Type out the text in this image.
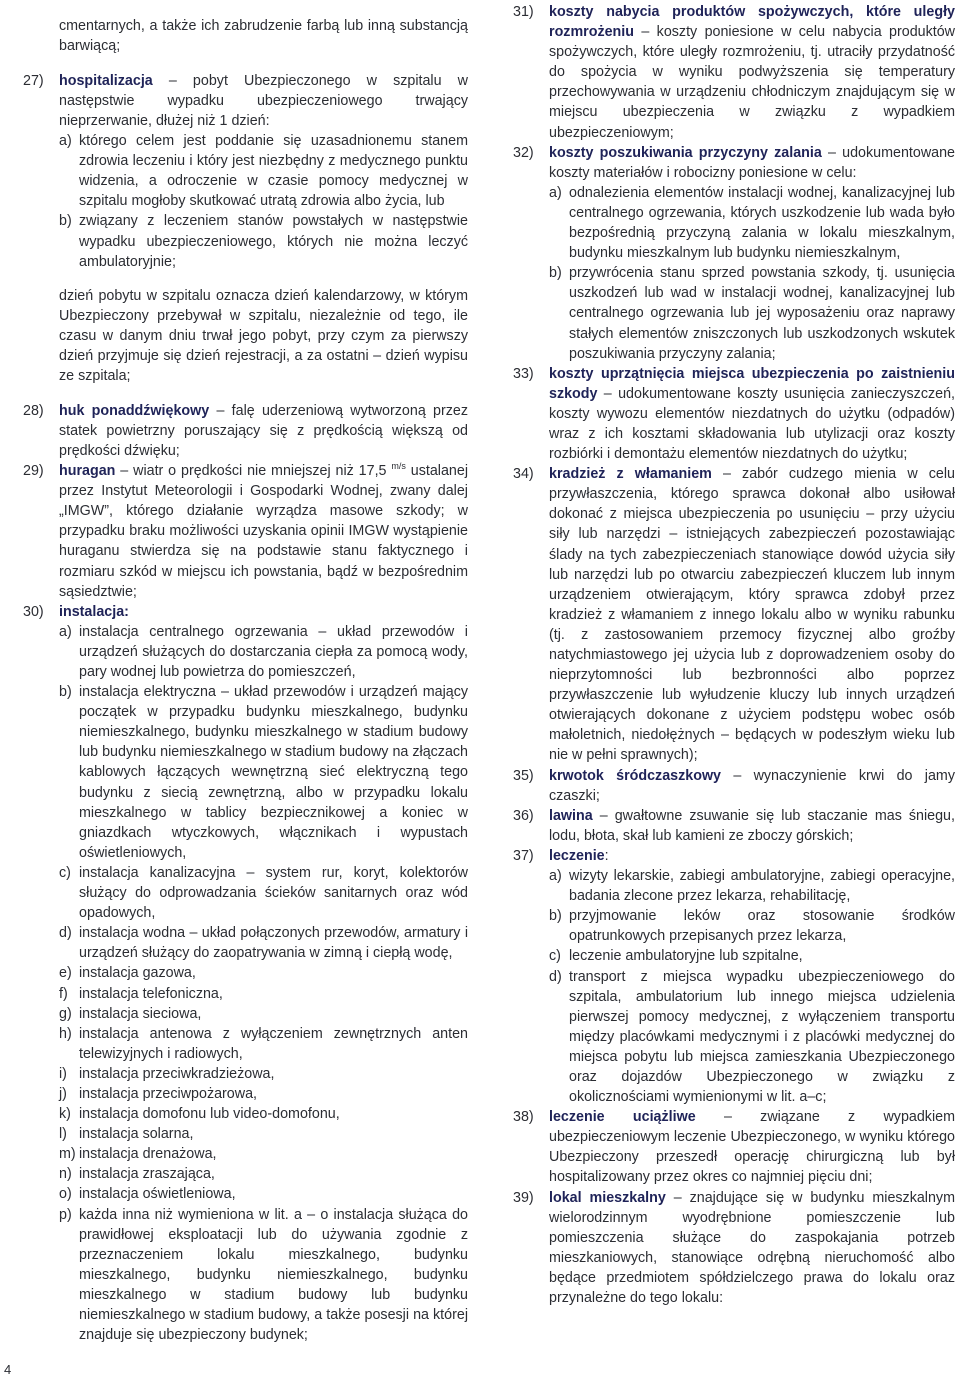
cmentarnych, a także ich zabrudzenie farbą lub inną substancją barwiącą;

27) hospitalizacja – pobyt Ubezpieczonego w szpitalu w następstwie wypadku ubezpieczeniowego trwający nieprzerwanie, dłużej niż 1 dzień:
a) którego celem jest poddanie się uzasadnionemu stanem zdrowia leczeniu i który jest niezbędny z medycznego punktu widzenia, a odroczenie w czasie pomocy medycznej w szpitalu mogłoby skutkować utratą zdrowia albo życia, lub
b) związany z leczeniem stanów powstałych w następstwie wypadku ubezpieczeniowego, których nie można leczyć ambulatoryjnie;

dzień pobytu w szpitalu oznacza dzień kalendarzowy, w którym Ubezpieczony przebywał w szpitalu, niezależnie od tego, ile czasu w danym dniu trwał jego pobyt, przy czym za pierwszy dzień przyjmuje się dzień rejestracji, a za ostatni – dzień wypisu ze szpitala;

28) huk ponaddźwiękowy – falę uderzeniową wytworzoną przez statek powietrzny poruszający się z prędkością większą od prędkości dźwięku;
29) huragan – wiatr o prędkości nie mniejszej niż 17,5 $^{m/s}$ ustalanej przez Instytut Meteorologii i Gospodarki Wodnej, zwany dalej „IMGW”, którego działanie wyrządza masowe szkody; w przypadku braku możliwości uzyskania opinii IMGW wystąpienie huraganu stwierdza się na podstawie stanu faktycznego i rozmiaru szkód w miejscu ich powstania, bądź w bezpośrednim sąsiedztwie;
30) instalacja:
a) instalacja centralnego ogrzewania – układ przewodów i urządzeń służących do dostarczania ciepła za pomocą wody, pary wodnej lub powietrza do pomieszczeń,
b) instalacja elektryczna – układ przewodów i urządzeń mający początek w przypadku budynku mieszkalnego, budynku niemieszkalnego, budynku mieszkalnego w stadium budowy lub budynku niemieszkalnego w stadium budowy na złączach kablowych łączących wewnętrzną sieć elektryczną tego budynku z siecią zewnętrzną, albo w przypadku lokalu mieszkalnego w tablicy bezpiecznikowej a koniec w gniazdkach wtyczkowych, włącznikach i wypustach oświetleniowych,
c) instalacja kanalizacyjna – system rur, koryt, kolektorów służący do odprowadzania ścieków sanitarnych oraz wód opadowych,
d) instalacja wodna – układ połączonych przewodów, armatury i urządzeń służący do zaopatrywania w zimną i ciepłą wodę,
e) instalacja gazowa,
f) instalacja telefoniczna,
g) instalacja sieciowa,
h) instalacja antenowa z wyłączeniem zewnętrznych anten telewizyjnych i radiowych,
i) instalacja przeciwkradzieżowa,
j) instalacja przeciwpożarowa,
k) instalacja domofonu lub video-domofonu,
l) instalacja solarna,
m) instalacja drenażowa,
n) instalacja zraszająca,
o) instalacja oświetleniowa,
p) każda inna niż wymieniona w lit. a – o instalacja służąca do prawidłowej eksploatacji lub do używania zgodnie z przeznaczeniem lokalu mieszkalnego, budynku mieszkalnego, budynku niemieszkalnego, budynku mieszkalnego w stadium budowy lub budynku niemieszkalnego w stadium budowy, a także posesji na której znajduje się ubezpieczony budynek;
31) koszty nabycia produktów spożywczych, które uległy rozmrożeniu – koszty poniesione w celu nabycia produktów spożywczych, które uległy rozmrożeniu, tj. utraciły przydatność do spożycia w wyniku podwyższenia się temperatury przechowywania w urządzeniu chłodniczym znajdującym się w miejscu ubezpieczenia w związku z wypadkiem ubezpieczeniowym;
32) koszty poszukiwania przyczyny zalania – udokumentowane koszty materiałów i robocizny poniesione w celu:
a) odnalezienia elementów instalacji wodnej, kanalizacyjnej lub centralnego ogrzewania, których uszkodzenie lub wada było bezpośrednią przyczyną zalania w lokalu mieszkalnym, budynku mieszkalnym lub budynku niemieszkalnym,
b) przywrócenia stanu sprzed powstania szkody, tj. usunięcia uszkodzeń lub wad w instalacji wodnej, kanalizacyjnej lub centralnego ogrzewania lub jej wyposażeniu oraz naprawy stałych elementów zniszczonych lub uszkodzonych wskutek poszukiwania przyczyny zalania;
33) koszty uprzątnięcia miejsca ubezpieczenia po zaistnieniu szkody – udokumentowane koszty usunięcia zanieczyszczeń, koszty wywozu elementów niezdatnych do użytku (odpadów) wraz z ich kosztami składowania lub utylizacji oraz koszty rozbiórki i demontażu elementów niezdatnych do użytku;
34) kradzież z włamaniem – zabór cudzego mienia w celu przywłaszczenia, którego sprawca dokonał albo usiłował dokonać z miejsca ubezpieczenia po usunięciu – przy użyciu siły lub narzędzi – istniejących zabezpieczeń pozostawiając ślady na tych zabezpieczeniach stanowiące dowód użycia siły lub narzędzi lub po otwarciu zabezpieczeń kluczem lub innym urządzeniem otwierającym, który sprawca zdobył przez kradzież z włamaniem z innego lokalu albo w wyniku rabunku (tj. z zastosowaniem przemocy fizycznej albo groźby natychmiastowego jej użycia lub z doprowadzeniem osoby do nieprzytomności lub bezbronności albo poprzez przywłaszczenie lub wyłudzenie kluczy lub innych urządzeń otwierających dokonane z użyciem podstępu wobec osób małoletnich, niedołężnych – będących w podeszłym wieku lub nie w pełni sprawnych);
35) krwotok śródczaszkowy – wynaczynienie krwi do jamy czaszki;
36) lawina – gwałtowne zsuwanie się lub staczanie mas śniegu, lodu, błota, skał lub kamieni ze zboczy górskich;
37) leczenie:
a) wizyty lekarskie, zabiegi ambulatoryjne, zabiegi operacyjne, badania zlecone przez lekarza, rehabilitację,
b) przyjmowanie leków oraz stosowanie środków opatrunkowych przepisanych przez lekarza,
c) leczenie ambulatoryjne lub szpitalne,
d) transport z miejsca wypadku ubezpieczeniowego do szpitala, ambulatorium lub innego miejsca udzielenia pierwszej pomocy medycznej, z wyłączeniem transportu między placówkami medycznymi i z placówki medycznej do miejsca pobytu lub miejsca zamieszkania Ubezpieczonego oraz dojazdów Ubezpieczonego w związku z okolicznościami wymienionymi w lit. a–c;
38) leczenie uciążliwe – związane z wypadkiem ubezpieczeniowym leczenie Ubezpieczonego, w wyniku którego Ubezpieczony przeszedł operację chirurgiczną lub był hospitalizowany przez okres co najmniej pięciu dni;
39) lokal mieszkalny – znajdujące się w budynku mieszkalnym wielorodzinnym wyodrębnione pomieszczenie lub pomieszczenia służące do zaspokajania potrzeb mieszkaniowych, stanowiące odrębną nieruchomość albo będące przedmiotem spółdzielczego prawa do lokalu oraz przynależne do tego lokalu:
4
